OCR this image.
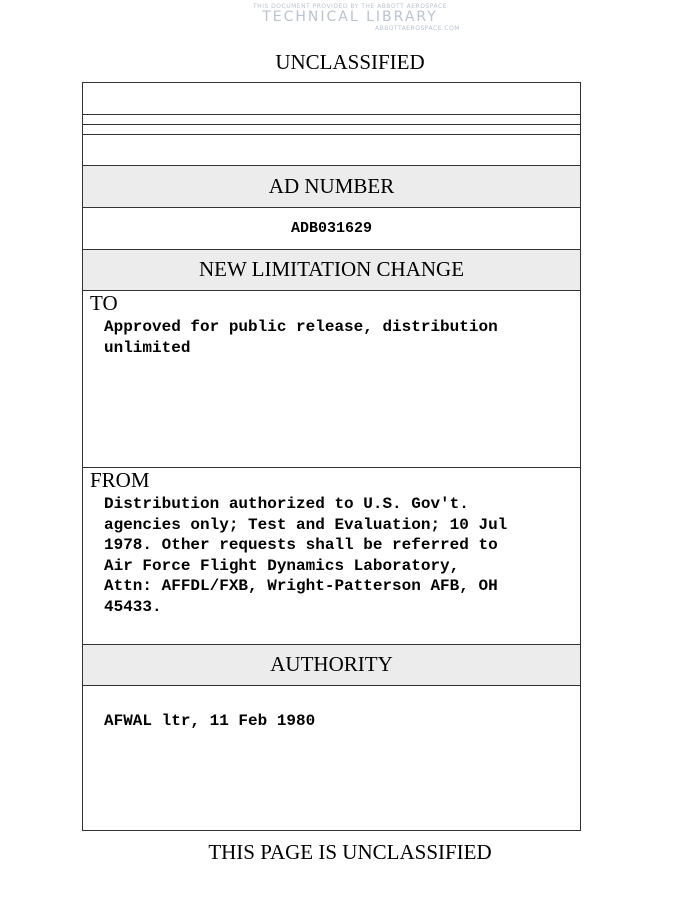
THIS DOCUMENT PROVIDED BY THE ABBOTT AEROSPACE
TECHNICAL LIBRARY
ABBOTTAEROSPACE.COM
UNCLASSIFIED
AD NUMBER
ADB031629
NEW LIMITATION CHANGE
TO
Approved for public release, distribution
unlimited
FROM
Distribution authorized to U.S. Gov't.
agencies only; Test and Evaluation; 10 Jul
1978. Other requests shall be referred to
Air Force Flight Dynamics Laboratory,
Attn: AFFDL/FXB, Wright-Patterson AFB, OH
45433.
AUTHORITY
AFWAL ltr, 11 Feb 1980
THIS PAGE IS UNCLASSIFIED
